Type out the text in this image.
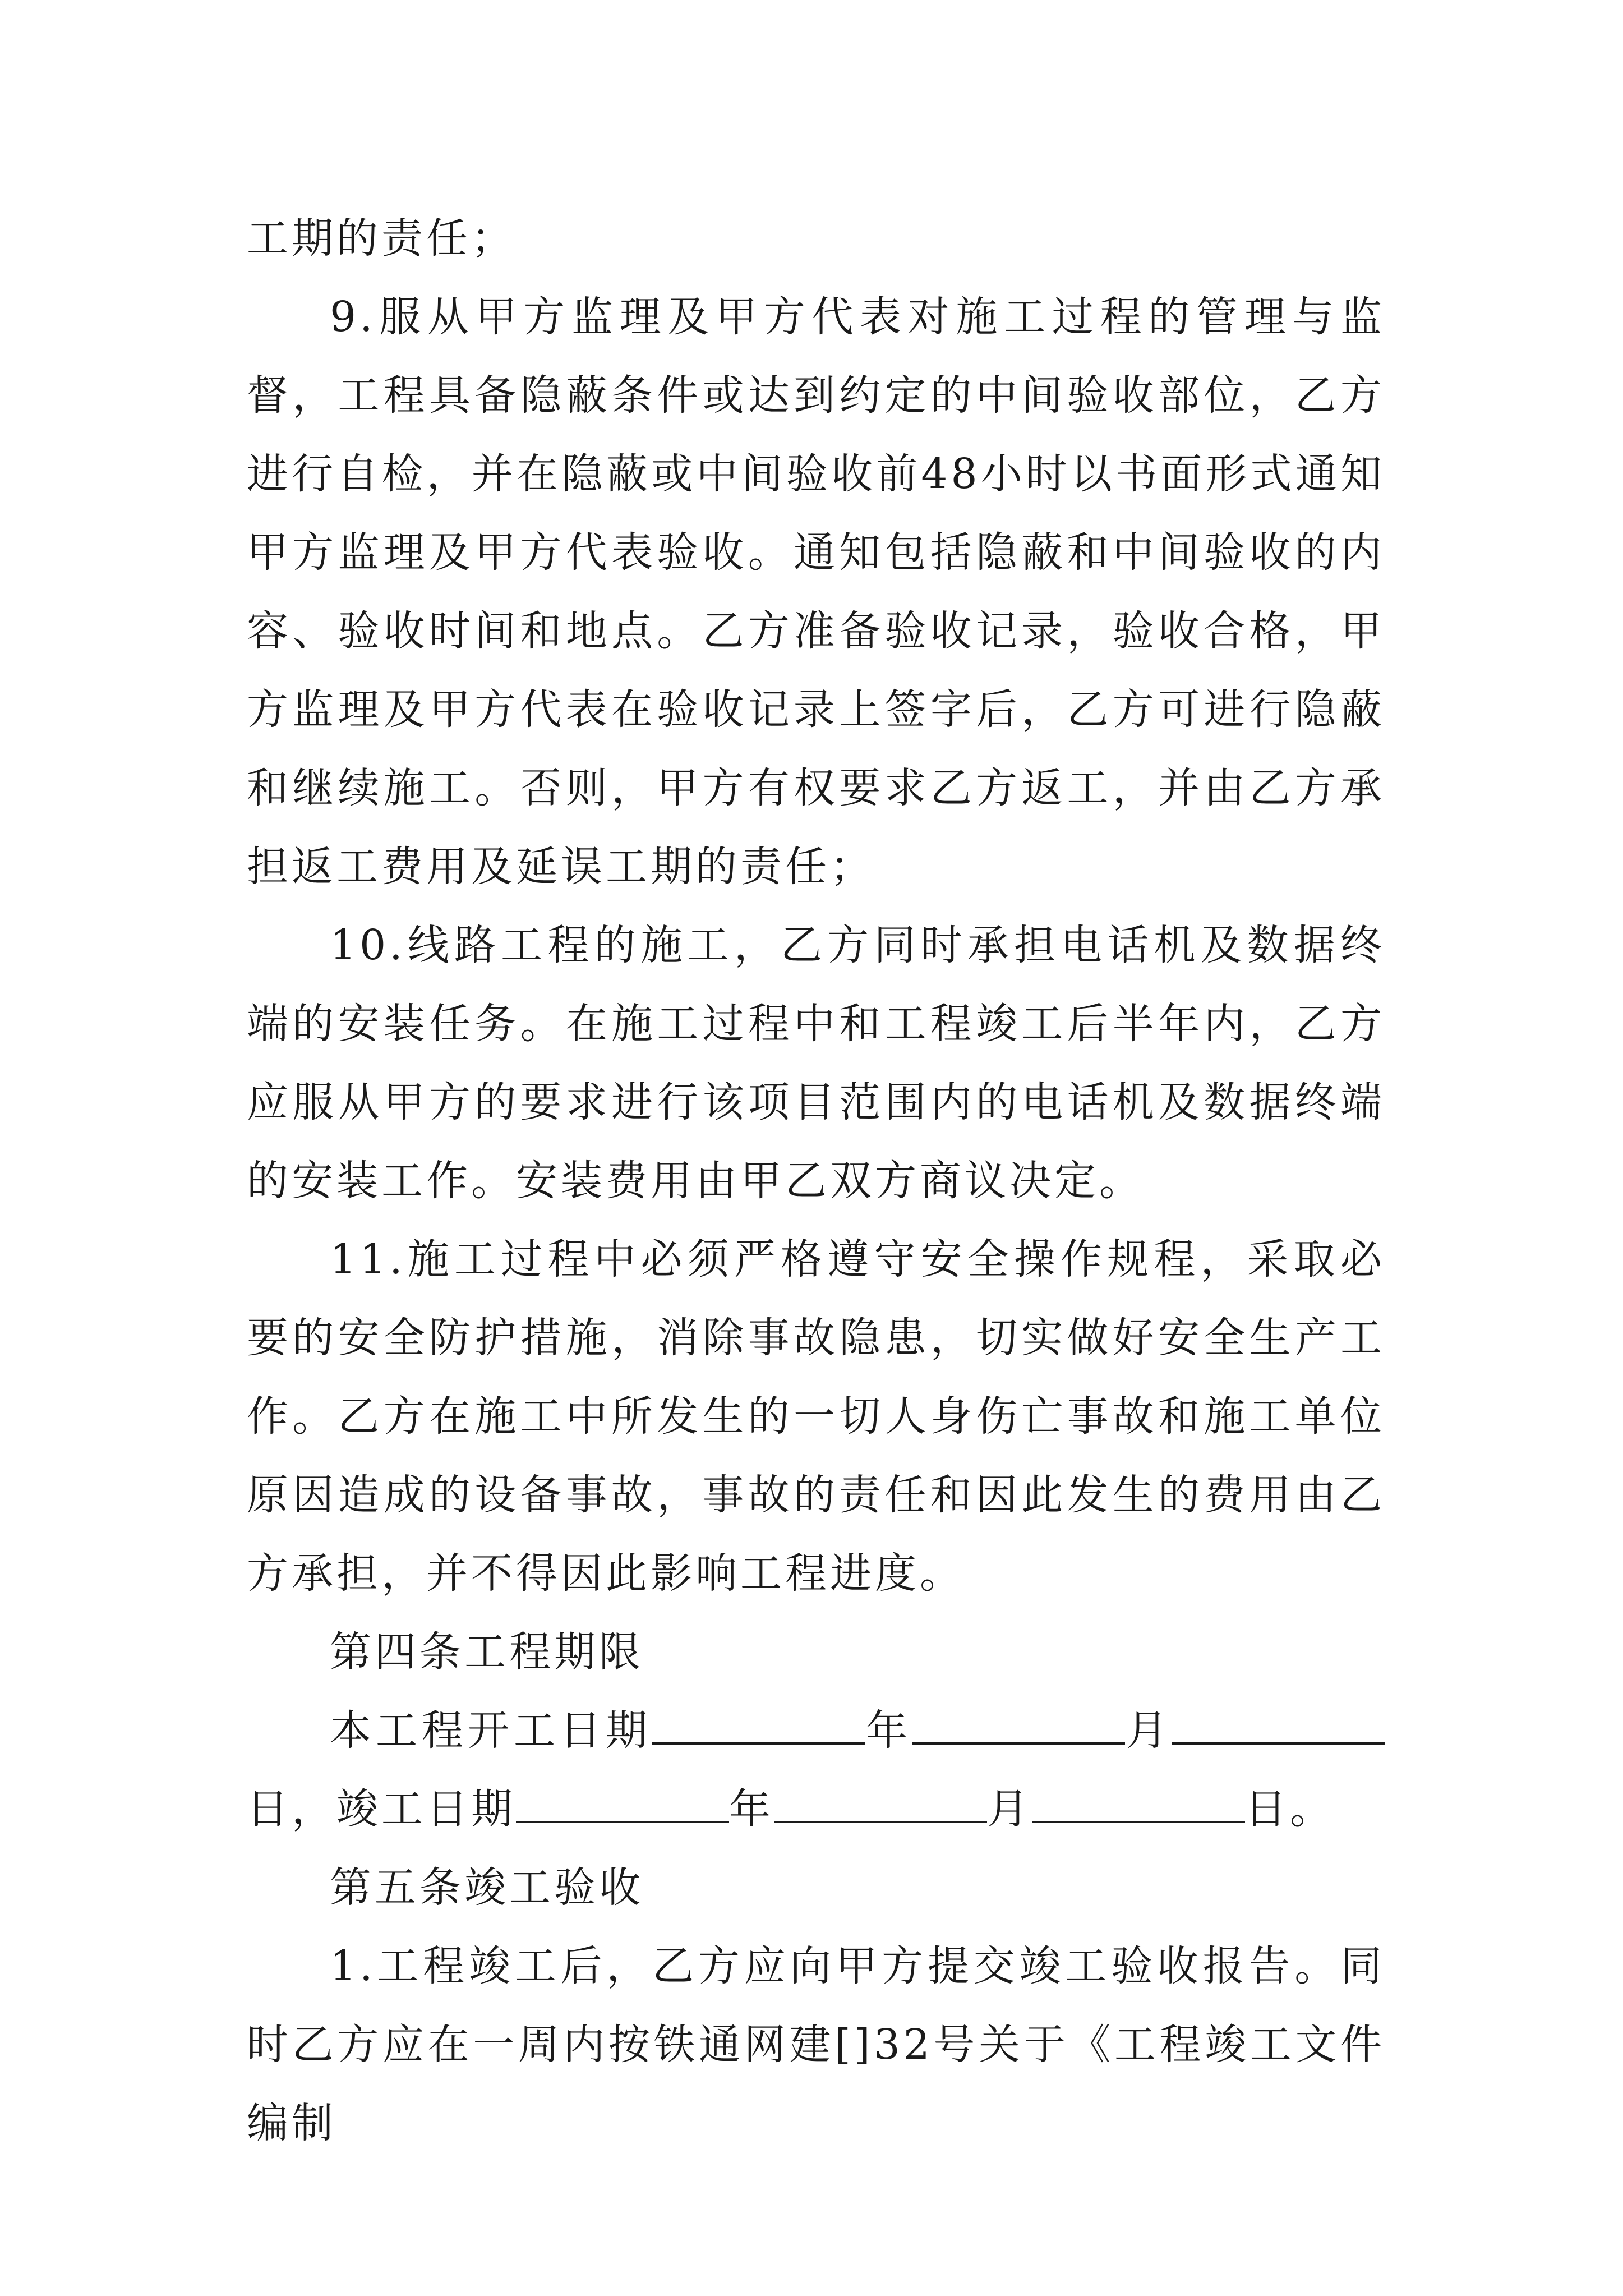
工期的责任；

9.服从甲方监理及甲方代表对施工过程的管理与监督，工程具备隐蔽条件或达到约定的中间验收部位，乙方进行自检，并在隐蔽或中间验收前48小时以书面形式通知甲方监理及甲方代表验收。通知包括隐蔽和中间验收的内容、验收时间和地点。乙方准备验收记录，验收合格，甲方监理及甲方代表在验收记录上签字后，乙方可进行隐蔽和继续施工。否则，甲方有权要求乙方返工，并由乙方承担返工费用及延误工期的责任；

10.线路工程的施工，乙方同时承担电话机及数据终端的安装任务。在施工过程中和工程竣工后半年内，乙方应服从甲方的要求进行该项目范围内的电话机及数据终端的安装工作。安装费用由甲乙双方商议决定。

11.施工过程中必须严格遵守安全操作规程，采取必要的安全防护措施，消除事故隐患，切实做好安全生产工作。乙方在施工中所发生的一切人身伤亡事故和施工单位原因造成的设备事故，事故的责任和因此发生的费用由乙方承担，并不得因此影响工程进度。

第四条工程期限

本工程开工日期	年	月日，竣工日期	年	月	日。

第五条竣工验收

1.工程竣工后，乙方应向甲方提交竣工验收报告。同时乙方应在一周内按铁通网建[]32号关于《工程竣工文件编制
